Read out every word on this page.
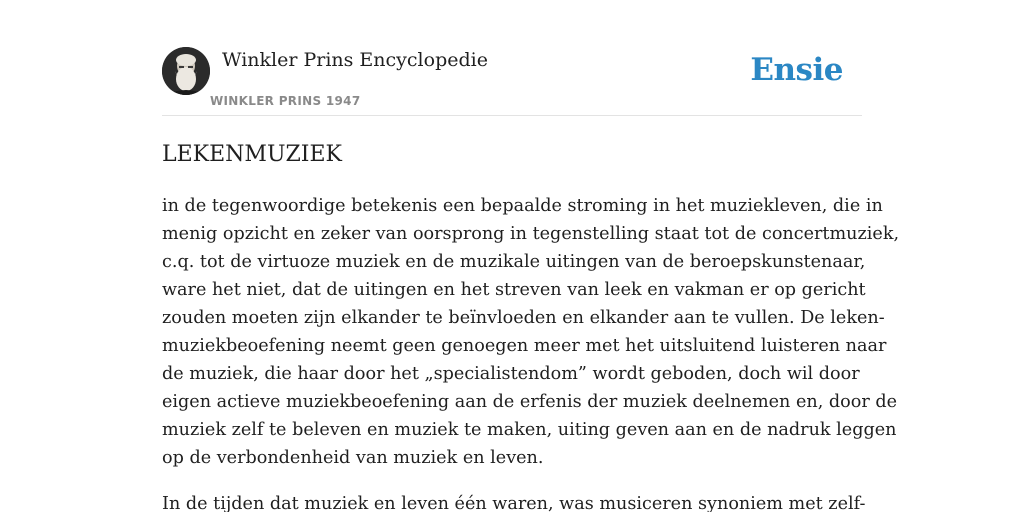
Winkler Prins Encyclopedie
WINKLER PRINS 1947
Ensie
LEKENMUZIEK

in de tegenwoordige betekenis een bepaalde stroming in het muziekleven, die in
menig opzicht en zeker van oorsprong in tegenstelling staat tot de concertmuziek,
c.q. tot de virtuoze muziek en de muzikale uitingen van de beroepskunstenaar,
ware het niet, dat de uitingen en het streven van leek en vakman er op gericht
zouden moeten zijn elkander te beïnvloeden en elkander aan te vullen. De leken-
muziekbeoefening neemt geen genoegen meer met het uitsluitend luisteren naar
de muziek, die haar door het „specialistendom” wordt geboden, doch wil door
eigen actieve muziekbeoefening aan de erfenis der muziek deelnemen en, door de
muziek zelf te beleven en muziek te maken, uiting geven aan en de nadruk leggen
op de verbondenheid van muziek en leven.

In de tijden dat muziek en leven één waren, was musiceren synoniem met zelf-
